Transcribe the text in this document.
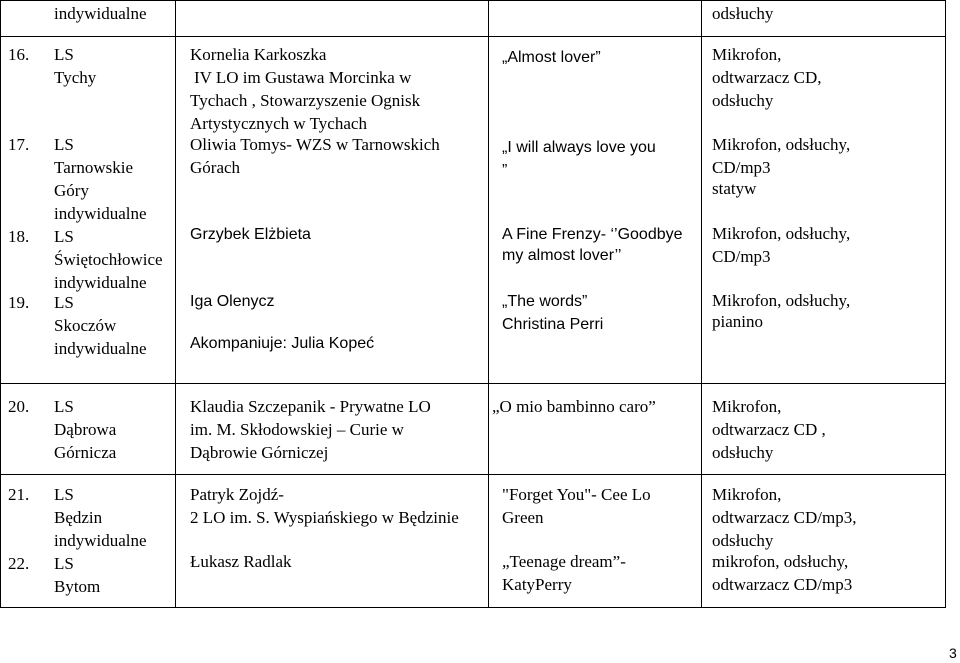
indywidualne	odsłuchy
16. LS
Tychy
17. LS
Tarnowskie
Góry
indywidualne
18. LS
Świętochłowice
indywidualne
19. LS
Skoczów
indywidualne
Kornelia Karkoszka
IV LO im Gustawa Morcinka w
Tychach , Stowarzyszenie Ognisk
Artystycznych w Tychach
Oliwia Tomys- WZS w Tarnowskich
Górach
Grzybek Elżbieta
Iga Olenycz
Akompaniuje: Julia Kopeć
„Almost lover”
„I will always love you
”
A Fine Frenzy- ‘’Goodbye
my almost lover’’
„The words”
Christina Perri
Mikrofon,
odtwarzacz CD,
odsłuchy
Mikrofon, odsłuchy,
CD/mp3
statyw
Mikrofon, odsłuchy,
CD/mp3
Mikrofon, odsłuchy,
pianino
20. LS
Dąbrowa
Górnicza
Klaudia Szczepanik - Prywatne LO
im. M. Skłodowskiej – Curie w
Dąbrowie Górniczej
„O mio bambinno caro”	Mikrofon,
odtwarzacz CD ,
odsłuchy
21. LS
Będzin
indywidualne
22. LS
Bytom
Patryk Zojdź-
2 LO im. S. Wyspiańskiego w Będzinie
Łukasz Radlak
"Forget You"- Cee Lo
Green
„Teenage dream”-
KatyPerry
Mikrofon,
odtwarzacz CD/mp3,
odsłuchy
mikrofon, odsłuchy,
odtwarzacz CD/mp3
3
